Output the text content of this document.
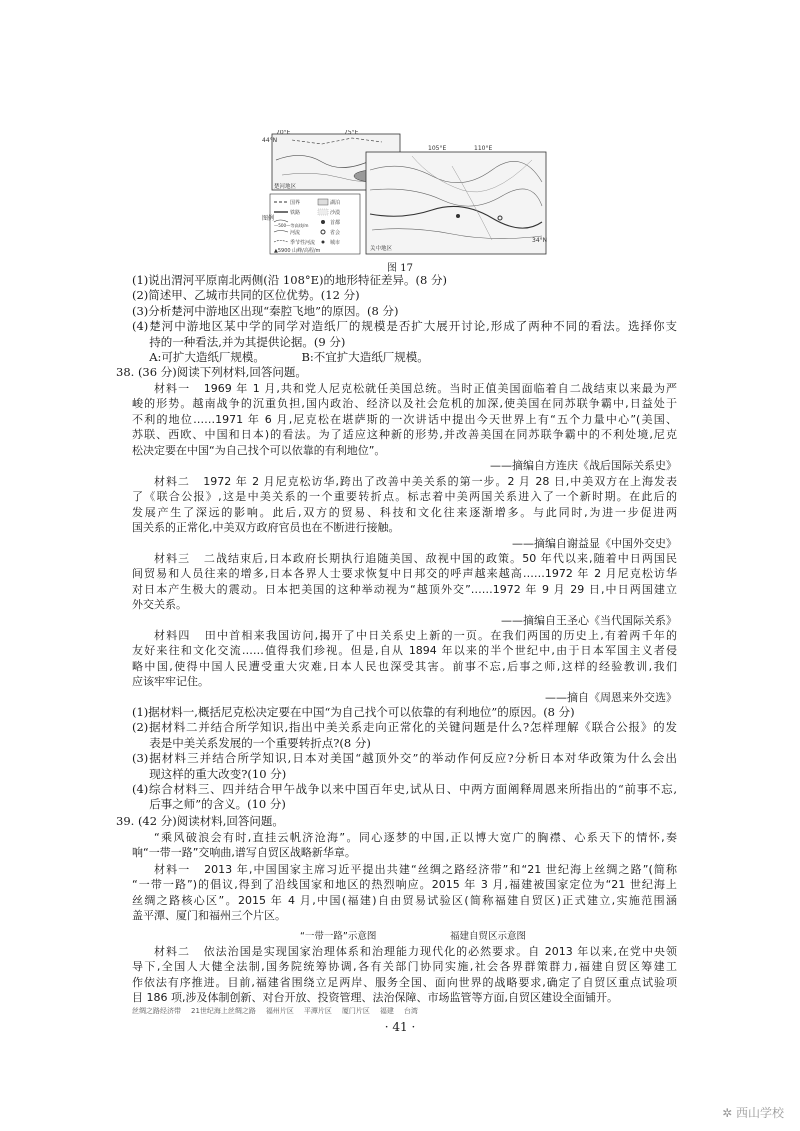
110°E
105°E
44°N
70°E	75°E
34°N
楚河地区
关中地区
图例
国界	湖泊
铁路	沙漠
—500—等高线/m	首都
河流	省会
季节性河流	城市
▲5900 山峰/高程/m
图 17
(1)说出渭河平原南北两侧(沿 108°E)的地形特征差异。(8 分)
(2)简述甲、乙城市共同的区位优势。(12 分)
(3)分析楚河中游地区出现“秦腔飞地”的原因。(8 分)
(4)楚河中游地区某中学的同学对造纸厂的规模是否扩大展开讨论,形成了两种不同的看法。选择你支
持的一种看法,并为其提供论据。(9 分)
A:可扩大造纸厂规模。          B:不宜扩大造纸厂规模。
38. (36 分)阅读下列材料,回答问题。
材料一   1969 年 1 月,共和党人尼克松就任美国总统。当时正值美国面临着自二战结束以来最为严
峻的形势。越南战争的沉重负担,国内政治、经济以及社会危机的加深,使美国在同苏联争霸中,日益处于
不利的地位……1971 年 6 月,尼克松在堪萨斯的一次讲话中提出今天世界上有“五个力量中心”(美国、
苏联、西欧、中国和日本)的看法。为了适应这种新的形势,并改善美国在同苏联争霸中的不利处境,尼克
松决定要在中国“为自己找个可以依靠的有利地位”。
——摘编自方连庆《战后国际关系史》
材料二   1972 年 2 月尼克松访华,跨出了改善中美关系的第一步。2 月 28 日,中美双方在上海发表
了《联合公报》,这是中美关系的一个重要转折点。标志着中美两国关系进入了一个新时期。在此后的
发展产生了深远的影响。此后,双方的贸易、科技和文化往来逐渐增多。与此同时,为进一步促进两
国关系的正常化,中美双方政府官员也在不断进行接触。
——摘编自谢益显《中国外交史》
材料三   二战结束后,日本政府长期执行追随美国、敌视中国的政策。50 年代以来,随着中日两国民
间贸易和人员往来的增多,日本各界人士要求恢复中日邦交的呼声越来越高……1972 年 2 月尼克松访华
对日本产生极大的震动。日本把美国的这种举动视为“越顶外交”……1972 年 9 月 29 日,中日两国建立
外交关系。
——摘编自王圣心《当代国际关系》
材料四   田中首相来我国访问,揭开了中日关系史上新的一页。在我们两国的历史上,有着两千年的
友好来往和文化交流……值得我们珍视。但是,自从 1894 年以来的半个世纪中,由于日本军国主义者侵
略中国,使得中国人民遭受重大灾难,日本人民也深受其害。前事不忘,后事之师,这样的经验教训,我们
应该牢牢记住。
——摘自《周恩来外交选》
(1)据材料一,概括尼克松决定要在中国“为自己找个可以依靠的有利地位”的原因。(8 分)
(2)据材料二并结合所学知识,指出中美关系走向正常化的关键问题是什么?怎样理解《联合公报》的发
表是中美关系发展的一个重要转折点?(8 分)
(3)据材料三并结合所学知识,日本对美国“越顶外交”的举动作何反应?分析日本对华政策为什么会出
现这样的重大改变?(10 分)
(4)综合材料三、四并结合甲午战争以来中国百年史,试从日、中两方面阐释周恩来所指出的“前事不忘,
后事之师”的含义。(10 分)
39. (42 分)阅读材料,回答问题。
“乘风破浪会有时,直挂云帆济沧海”。同心逐梦的中国,正以博大宽广的胸襟、心系天下的情怀,奏
响“一带一路”交响曲,谱写自贸区战略新华章。
材料一   2013 年,中国国家主席习近平提出共建“丝绸之路经济带”和“21 世纪海上丝绸之路”(简称
“一带一路”)的倡议,得到了沿线国家和地区的热烈响应。2015 年 3 月,福建被国家定位为“21 世纪海上
丝绸之路核心区”。2015 年 4 月,中国(福建)自由贸易试验区(简称福建自贸区)正式建立,实施范围涵
盖平潭、厦门和福州三个片区。
“一带一路”示意图	福建自贸区示意图
· 41 ·
✲ 西山学校
材料二   依法治国是实现国家治理体系和治理能力现代化的必然要求。自 2013 年以来,在党中央领
导下,全国人大健全法制,国务院统筹协调,各有关部门协同实施,社会各界群策群力,福建自贸区筹建工
作依法有序推进。目前,福建省围绕立足两岸、服务全国、面向世界的战略要求,确定了自贸区重点试验项
目 186 项,涉及体制创新、对台开放、投资管理、法治保障、市场监管等方面,自贸区建设全面铺开。
丝绸之路经济带 21世纪海上丝绸之路 福州片区 平潭片区 厦门片区 福建 台湾
